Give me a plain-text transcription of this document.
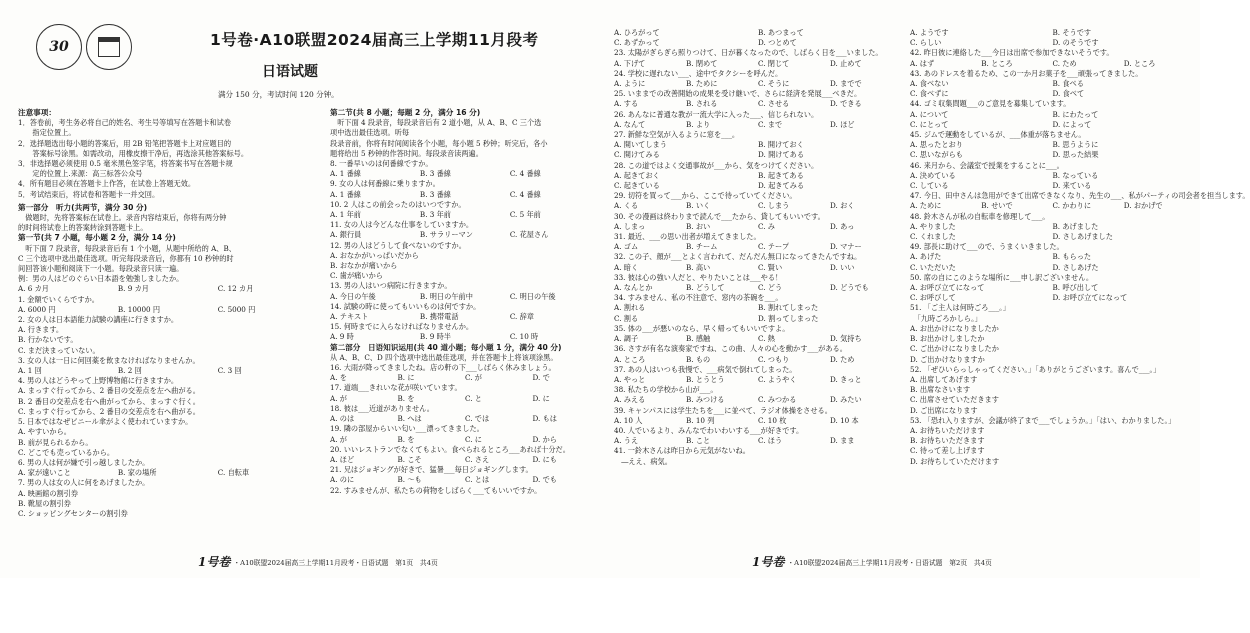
30	1号卷·A10联盟2024届高三上学期11月段考
日语试题
满分 150 分，考试时间 120 分钟。
注意事项：
1．答卷前，考生务必将自己的姓名、考生号等填写在答题卡和试卷
　　指定位置上。
2．选择题选出每小题的答案后，用 2B 铅笔把答题卡上对应题目的
　　答案标号涂黑。如需改动，用橡皮擦干净后，再选涂其他答案标号。
3．非选择题必须使用 0.5 毫米黑色签字笔，将答案书写在答题卡规
　　定的位置上.来源：高三标答公众号
4．所有题目必须在答题卡上作答，在试卷上答题无效。
5．考试结束后，将试卷和答题卡一并交回。
第一部分　听力(共两节，满分 30 分)
　做题时，先将答案标在试卷上。录音内容结束后，你将有两分钟
的时间将试卷上的答案转涂到答题卡上。
第一节(共 7 小题，每小题 2 分，满分 14 分)
　听下面 7 段录音，每段录音后有 1 个小题，从题中所给的 A、B、
C 三个选项中选出最佳选项。听完每段录音后，你都有 10 秒钟的时
间回答该小题和阅读下一小题。每段录音只读一遍。
例：男の人はどのぐらい日本語を勉強しましたか。
A. 6 カ月	B. 9 カ月	C. 12 カ月
1. 金額でいくらですか。
A. 6000 円	B. 10000 円	C. 5000 円
2. 女の人は日本語能力試験の講座に行きますか。
A. 行きます。
B. 行かないです。
C. まだ決まっていない。
3. 女の人は一日に何回薬を飲まなければなりませんか。
A. 1 回	B. 2 回	C. 3 回
4. 男の人はどうやって上野博物館に行きますか。
A. まっすぐ行ってから、2 番目の交差点を左へ曲がる。
B. 2 番目の交差点を右へ曲がってから、まっすぐ行く。
C. まっすぐ行ってから、2 番目の交差点を右へ曲がる。
5. 日本ではなぜビニール傘がよく使われていますか。
A. やすいから。
B. 前が見られるから。
C. どこでも売っているから。
6. 男の人は何が嫌で引っ越しましたか。
A. 家が遠いこと	B. 家の場所	C. 自転車
7. 男の人は女の人に何をあげましたか。
A. 映画館の割引券
B. 靴屋の割引券
C. ショッピングセンターの割引券
第二节(共 8 小题；每题 2 分，满分 16 分)
　听下面 4 段录音，每段录音后有 2 道小题，从 A、B、C 三个选
项中选出最佳选项。听每
段录音前，你将有时间阅读各个小题，每小题 5 秒钟；听完后，各小
题将给出 5 秒钟的作答时间。每段录音读两遍。
8. 一番早いのは何番線ですか。
A. 1 番線	B. 3 番線	C. 4 番線
9. 女の人は何番線に乗りますか。
A. 1 番線	B. 3 番線	C. 4 番線
10. 2 人はこの前会ったのはいつですか。
A. 1 年前	B. 3 年前	C. 5 年前
11. 女の人は今どんな仕事をしていますか。
A. 銀行員	B. サラリーマン	C. 花屋さん
12. 男の人はどうして食べないのですか。
A. おなかがいっぱいだから
B. おなかが痛いから
C. 歯が痛いから
13. 男の人はいつ病院に行きますか。
A. 今日の午後	B. 明日の午前中	C. 明日の午後
14. 試験の時に使ってもいいものは何ですか。
A. テキスト	B. 携帯電話	C. 辞章
15. 何時までに入らなければなりませんか。
A. 9 時	B. 9 時半	C. 10 時
第二部分　日语知识运用(共 40 道小题；每小题 1 分，满分 40 分)
从 A、B、C、D 四个选项中选出最佳选项，并在答题卡上将该项涂黑。
16. 大雨が降ってきましたね。店の軒の下___しばらく休みましょう。
A. を	B. に	C. が	D. で
17. 道端___きれいな花が咲いています。
A. が	B. を	C. と	D. に
18. 彼は___近道がありません。
A. のは	B. へは	C. では	D. もは
19. 隣の部屋からいい匂い___漂ってきました。
A. が	B. を	C. に	D. から
20. いいレストランでなくてもよい。食べられるところ___あれば十分だ。
A. ほど	B. こそ	C. さえ	D. にも
21. 兄はジョギングが好きで、猛暑___毎日ジョギングします。
A. のに	B. 〜も	C. とは	D. でも
22. すみませんが、私たちの荷物をしばらく___てもいいですか。
A. ひろがって	B. あつまって
C. あずかって	D. つとめて
23. 太陽がぎらぎら照りつけて、日が暮くなったので、しばらく日を___いました。
A. 下げて	B. 閉めて	C. 閉じて	D. 止めて
24. 学校に遅れない___、途中でタクシーを呼んだ。
A. ように	B. ために	C. そうに	D. までで
25. いままでの改善開始の成果を受け継いで、さらに経済を発展___べきだ。
A. する	B. される	C. させる	D. できる
26. あんなに普通な教が一流大学に入った___、信じられない。
A. なんて	B. より	C. まで	D. ほど
27. 新鮮な空気が入るように窓を___。
A. 開いてしまう	B. 開けておく
C. 開けてみる	D. 開けてある
28. この道ではよく交通事故が___から、気をつけてください。
A. 起きておく	B. 起きてある
C. 起きている	D. 起きてみる
29. 切符を買って___から、ここで待っていてください。
A. くる	B. いく	C. しまう	D. おく
30. その漫画は終わりまで読んで___たから、貸してもいいです。
A. しまっ	B. おい	C. み	D. あっ
31. 最近、___の思い出者が増えてきました。
A. ゴム	B. チーム	C. テープ	D. マナー
32. この子、顔が___とよく言われて、だんだん無口になってきたんですね。
A. 暗く	B. 高い	C. 賢い	D. いい
33. 彼は心の強い人だと、やりたいことは___やる！
A. なんとか	B. どうして	C. どう	D. どうでも
34. すみません、私の不注意で、窓内の茶碗を___。
A. 割れる	B. 割れてしまった
C. 割る	D. 割ってしまった
35. 体の___が悪いのなら、早く帰ってもいいですよ。
A. 調子	B. 感触	C. 熱	D. 気持ち
36. さすが有名な演奏家ですね、この曲、人々の心を動かす___がある。
A. ところ	B. もの	C. つもり	D. ため
37. あの人はいつも我慢で、___病気で倒れてしまった。
A. やっと	B. とうとう	C. ようやく	D. きっと
38. 私たちの学校から山が___。
A. みえる	B. みつける	C. みつかる	D. みたい
39. キャンパスには学生たちを___に並べて、ラジオ体操をさせる。
A. 10 人	B. 10 列	C. 10 枚	D. 10 本
40. 人でいるより、みんなでわいわいする___が好きです。
A. うえ	B. こと	C. ほう	D. まま
41. 一鈴木さんは昨日から元気がないね。
　―ええ、病気。
A. ようです	B. そうです
C. らしい	D. のそうです
42. 昨日彼に連絡した___今日は出席で参加できないそうです。
A. はず	B. ところ	C. ため	D. ところ
43. あのドレスを着るため、この一か月お菓子を___頑張ってきました。
A. 食べない	B. 食べる
C. 食べずに	D. 食べて
44. ゴミ収集問題___のご意見を募集しています。
A. について	B. にわたって
C. にとって	D. によって
45. ジムで運動をしているが、___体重が落ちません。
A. 思ったとおり	B. 思うように
C. 思いながらも	D. 思った結果
46. 来月から、会議室で授業をすることに___。
A. 決めている	B. なっている
C. している	D. 来ている
47. 今日、田中さんは急用ができて出席できなくなり、先生の___、私がパーティの司会者を担当します。
A. ために	B. せいで	C. かわりに	D. おかげで
48. 鈴木さんが私の自転車を修理して___。
A. やりました	B. あげました
C. くれました	D. さしあげました
49. 部長に助けて___ので、うまくいきました。
A. あげた	B. もらった
C. いただいた	D. さしあげた
50. 席の自にこのような場所に___申し訳ございません。
A. お呼び立てになって	B. 呼び出して
C. お呼びして	D. お呼び立てになって
51. 「ご主人は何時ごろ___。」
　「九時ごろかしら。」
A. お出かけになりましたか
B. お出かけしましたか
C. ご出かけになりましたか
D. ご出かけなりますか
52. 「ぜひいらっしゃってください。」「ありがとうございます。喜んで___。」
A. 出席してあげます
B. 出席なさいます
C. 出席させていただきます
D. ご出席になります
53. 「恐れ入りますが、会議が終了まで___でしょうか。」「はい、わかりました。」
A. お待ちいただけます
B. お待ちいただきます
C. 待って差し上げます
D. お待ちしていただけます
1号卷 ・A10联盟2024届高三上学期11月段考・日语试题　第1页　共4页	1号卷 ・A10联盟2024届高三上学期11月段考・日语试题　第2页　共4页
